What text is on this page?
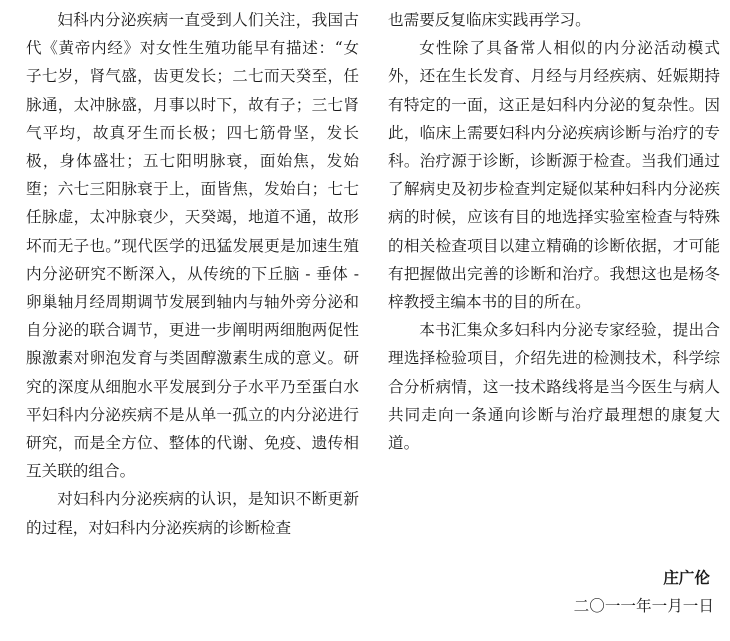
妇科内分泌疾病一直受到人们关注，我国古代《黄帝内经》对女性生殖功能早有描述：“女子七岁，肾气盛，齿更发长；二七而天癸至，任脉通，太冲脉盛，月事以时下，故有子；三七肾气平均，故真牙生而长极；四七筋骨坚，发长极，身体盛壮；五七阳明脉衰，面始焦，发始堕；六七三阳脉衰于上，面皆焦，发始白；七七任脉虚，太冲脉衰少，天癸竭，地道不通，故形坏而无子也。”现代医学的迅猛发展更是加速生殖内分泌研究不断深入，从传统的下丘脑 - 垂体 - 卵巢轴月经周期调节发展到轴内与轴外旁分泌和自分泌的联合调节，更进一步阐明两细胞两促性腺激素对卵泡发育与类固醇激素生成的意义。研究的深度从细胞水平发展到分子水平乃至蛋白水平妇科内分泌疾病不是从单一孤立的内分泌进行研究，而是全方位、整体的代谢、免疫、遗传相互关联的组合。

对妇科内分泌疾病的认识，是知识不断更新的过程，对妇科内分泌疾病的诊断检查

也需要反复临床实践再学习。

女性除了具备常人相似的内分泌活动模式外，还在生长发育、月经与月经疾病、妊娠期持有特定的一面，这正是妇科内分泌的复杂性。因此，临床上需要妇科内分泌疾病诊断与治疗的专科。治疗源于诊断，诊断源于检查。当我们通过了解病史及初步检查判定疑似某种妇科内分泌疾病的时候，应该有目的地选择实验室检查与特殊的相关检查项目以建立精确的诊断依据，才可能有把握做出完善的诊断和治疗。我想这也是杨冬梓教授主编本书的目的所在。

本书汇集众多妇科内分泌专家经验，提出合理选择检验项目，介绍先进的检测技术，科学综合分析病情，这一技术路线将是当今医生与病人共同走向一条通向诊断与治疗最理想的康复大道。

庄广伦
二〇一一年一月一日
